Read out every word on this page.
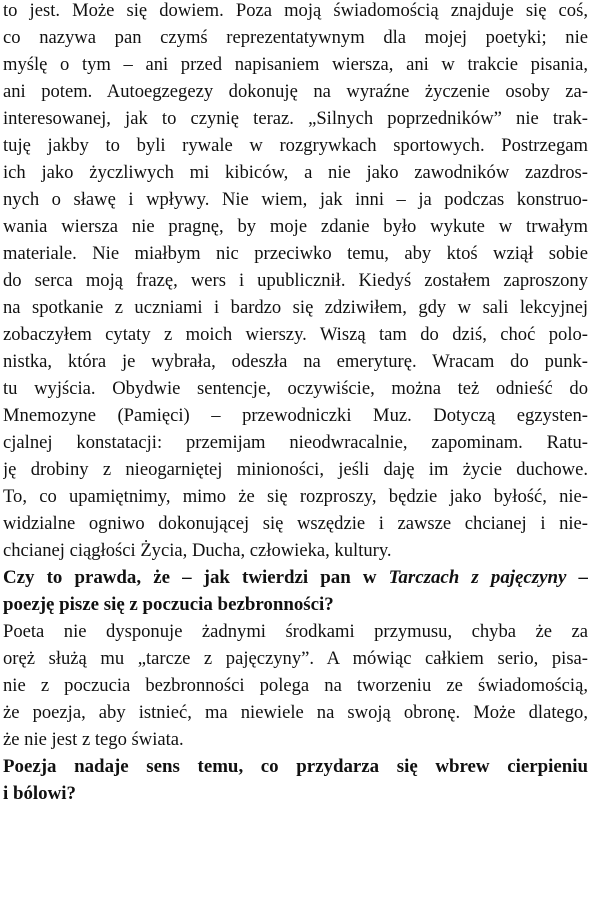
to jest. Może się dowiem. Poza moją świadomością znajduje się coś,
co nazywa pan czymś reprezentatywnym dla mojej poetyki; nie
myślę o tym – ani przed napisaniem wiersza, ani w trakcie pisania,
ani potem. Autoegzegezy dokonuję na wyraźne życzenie osoby za-
interesowanej, jak to czynię teraz. „Silnych poprzedników” nie trak-
tuję jakby to byli rywale w rozgrywkach sportowych. Postrzegam
ich jako życzliwych mi kibiców, a nie jako zawodników zazdros-
nych o sławę i wpływy. Nie wiem, jak inni – ja podczas konstruo-
wania wiersza nie pragnę, by moje zdanie było wykute w trwałym
materiale. Nie miałbym nic przeciwko temu, aby ktoś wziął sobie
do serca moją frazę, wers i upublicznił. Kiedyś zostałem zaproszony
na spotkanie z uczniami i bardzo się zdziwiłem, gdy w sali lekcyjnej
zobaczyłem cytaty z moich wierszy. Wiszą tam do dziś, choć polo-
nistka, która je wybrała, odeszła na emeryturę. Wracam do punk-
tu wyjścia. Obydwie sentencje, oczywiście, można też odnieść do
Mnemozyne (Pamięci) – przewodniczki Muz. Dotyczą egzysten-
cjalnej konstatacji: przemijam nieodwracalnie, zapominam. Ratu-
ję drobiny z nieogarniętej minioności, jeśli daję im życie duchowe.
To, co upamiętnimy, mimo że się rozproszy, będzie jako byłość, nie-
widzialne ogniwo dokonującej się wszędzie i zawsze chcianej i nie-
chcianej ciągłości Życia, Ducha, człowieka, kultury.
Czy to prawda, że – jak twierdzi pan w Tarczach z pajęczyny –
poezję pisze się z poczucia bezbronności?
Poeta nie dysponuje żadnymi środkami przymusu, chyba że za
oręż służą mu „tarcze z pajęczyny”. A mówiąc całkiem serio, pisa-
nie z poczucia bezbronności polega na tworzeniu ze świadomością,
że poezja, aby istnieć, ma niewiele na swoją obronę. Może dlatego,
że nie jest z tego świata.
Poezja nadaje sens temu, co przydarza się wbrew cierpieniu
i bólowi?
